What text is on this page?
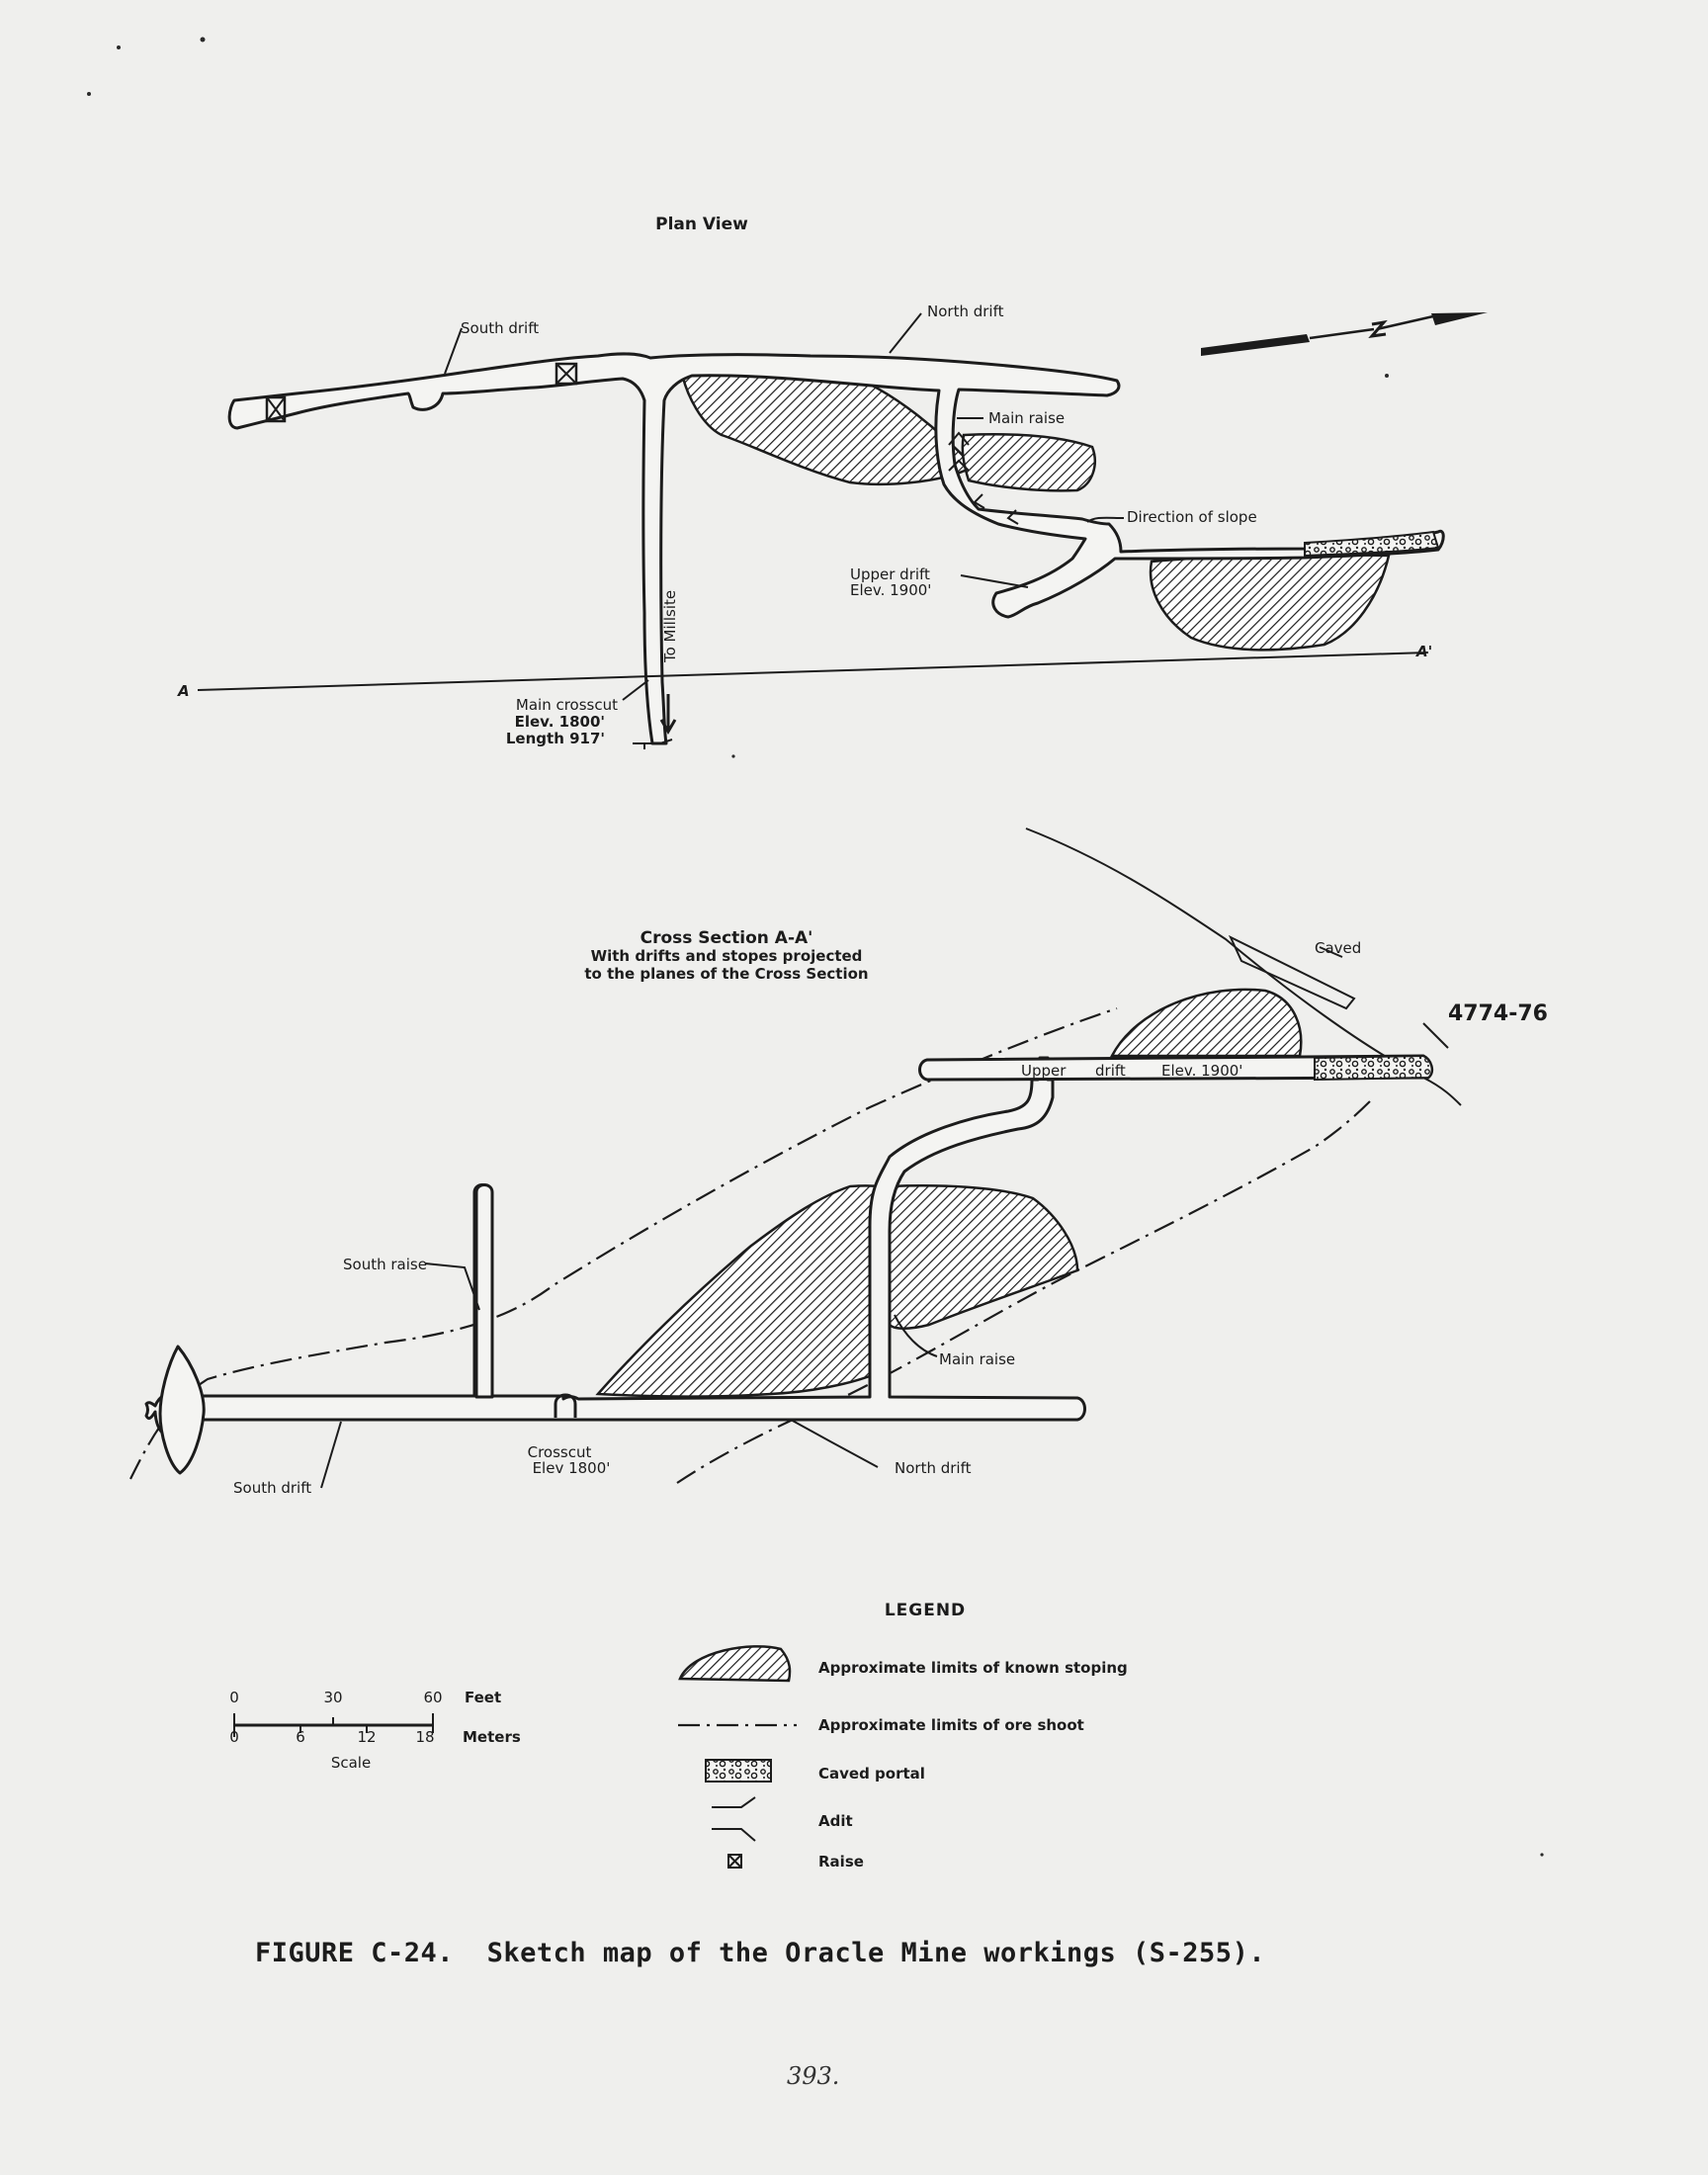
Plan View
A
A'
South drift
North drift
Main raise
Direction of slope
Upper drift
Elev. 1900'
To Millsite
Main crosscut
Elev. 1800'
Length 917'
Cross Section A-A'
With drifts and stopes projected
to the planes of the Cross Section
Caved
4774-76
Upper drift Elev. 1900'
South raise
Main raise
Crosscut
Elev 1800'
South drift
North drift
0	30	60 Feet
0	6	12	18 Meters
Scale
LEGEND
Approximate limits of known stoping
Approximate limits of ore shoot
Caved portal
Adit
Raise
FIGURE C-24.  Sketch map of the Oracle Mine workings (S-255).
393.
